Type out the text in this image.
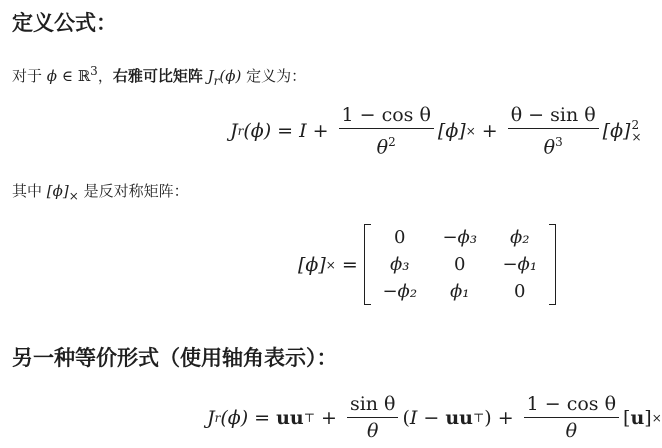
定义公式：
对于 ϕ ∈ ℝ$^3$，右雅可比矩阵 $J_r(\phi)$ 定义为：
J r $(\phi) = I + \frac{\text{1 − cos θ}}{\theta^2} [\phi]$ × + $\frac{\text{θ − sin θ}}{\theta^3} [\phi]$ 2
×
其中 $[\phi]_\times$ 是反对称矩阵：
[ϕ] × =
0 −ϕ₃ ϕ₂
ϕ₃ 0 −ϕ₁
−ϕ₂ ϕ₁ 0
另一种等价形式（使用轴角表示）：
J r (ϕ) = uu ⊤ + $\frac{\text{sin θ}}{\theta}$ ( I − uu ⊤ ) + $\frac{\text{1 − cos θ}}{\theta}$ [ u ] ×
